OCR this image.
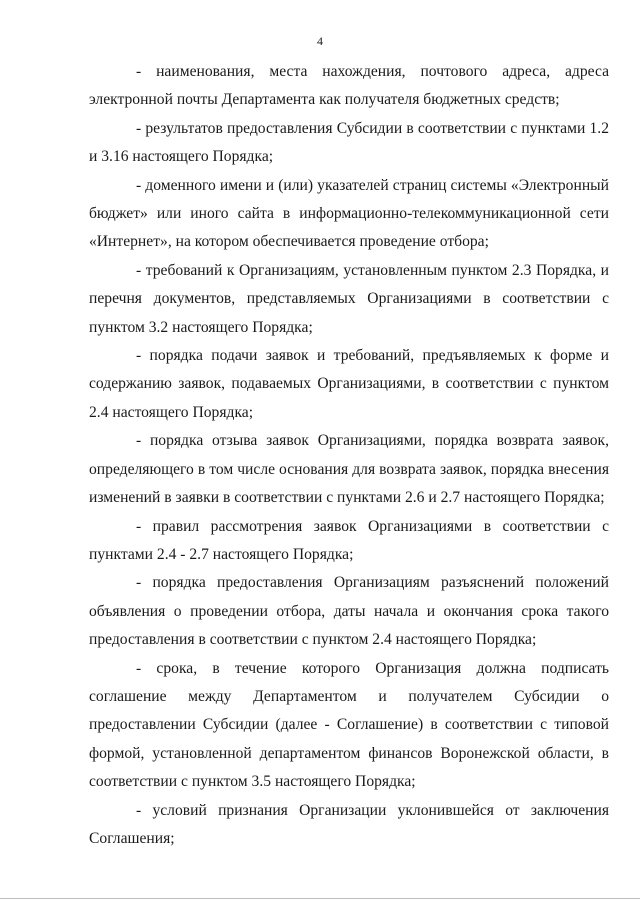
4

- наименования, места нахождения, почтового адреса, адреса электронной почты Департамента как получателя бюджетных средств;

- результатов предоставления Субсидии в соответствии с пунктами 1.2 и 3.16 настоящего Порядка;

- доменного имени и (или) указателей страниц системы «Электронный бюджет» или иного сайта в информационно-телекоммуникационной сети «Интернет», на котором обеспечивается проведение отбора;

- требований к Организациям, установленным пунктом 2.3 Порядка, и перечня документов, представляемых Организациями в соответствии с пунктом 3.2 настоящего Порядка;

- порядка подачи заявок и требований, предъявляемых к форме и содержанию заявок, подаваемых Организациями, в соответствии с пунктом 2.4 настоящего Порядка;

- порядка отзыва заявок Организациями, порядка возврата заявок, определяющего в том числе основания для возврата заявок, порядка внесения изменений в заявки в соответствии с пунктами 2.6 и 2.7 настоящего Порядка;

- правил рассмотрения заявок Организациями в соответствии с пунктами 2.4 - 2.7 настоящего Порядка;

- порядка предоставления Организациям разъяснений положений объявления о проведении отбора, даты начала и окончания срока такого предоставления в соответствии с пунктом 2.4 настоящего Порядка;

- срока, в течение которого Организация должна подписать соглашение между Департаментом и получателем Субсидии о предоставлении Субсидии (далее - Соглашение) в соответствии с типовой формой, установленной департаментом финансов Воронежской области, в соответствии с пунктом 3.5 настоящего Порядка;

- условий признания Организации уклонившейся от заключения Соглашения;
